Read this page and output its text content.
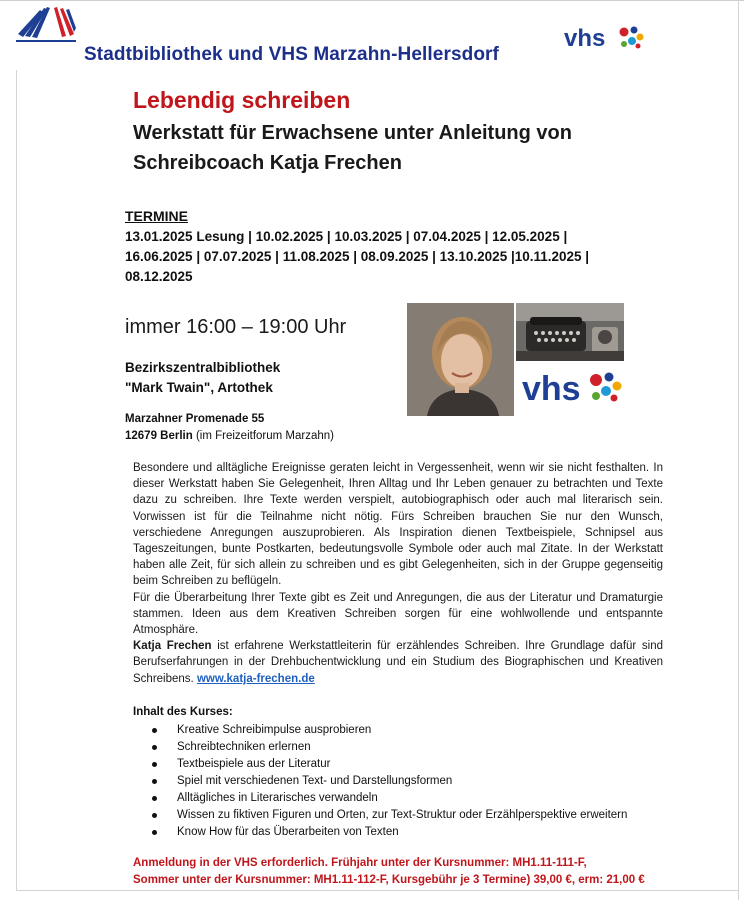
Stadtbibliothek und VHS Marzahn-Hellersdorf
vhs
Lebendig schreiben
Werkstatt für Erwachsene unter Anleitung von Schreibcoach Katja Frechen
TERMINE
13.01.2025 Lesung | 10.02.2025 | 10.03.2025 | 07.04.2025 | 12.05.2025 | 16.06.2025 | 07.07.2025 | 11.08.2025 | 08.09.2025 | 13.10.2025 |10.11.2025 | 08.12.2025
immer 16:00 – 19:00 Uhr
Bezirkszentralbibliothek
"Mark Twain", Artothek
Marzahner Promenade 55
12679 Berlin (im Freizeitforum Marzahn)
vhs

Besondere und alltägliche Ereignisse geraten leicht in Vergessenheit, wenn wir sie nicht festhalten. In dieser Werkstatt haben Sie Gelegenheit, Ihren Alltag und Ihr Leben genauer zu betrachten und Texte dazu zu schreiben. Ihre Texte werden verspielt, autobiographisch oder auch mal literarisch sein. Vorwissen ist für die Teilnahme nicht nötig. Fürs Schreiben brauchen Sie nur den Wunsch, verschiedene Anregungen auszuprobieren. Als Inspiration dienen Textbeispiele, Schnipsel aus Tageszeitungen, bunte Postkarten, bedeutungsvolle Symbole oder auch mal Zitate. In der Werkstatt haben alle Zeit, für sich allein zu schreiben und es gibt Gelegenheiten, sich in der Gruppe gegenseitig beim Schreiben zu beflügeln.

Für die Überarbeitung Ihrer Texte gibt es Zeit und Anregungen, die aus der Literatur und Dramaturgie stammen. Ideen aus dem Kreativen Schreiben sorgen für eine wohlwollende und entspannte Atmosphäre.

Katja Frechen ist erfahrene Werkstattleiterin für erzählendes Schreiben. Ihre Grundlage dafür sind Berufserfahrungen in der Drehbuchentwicklung und ein Studium des Biographischen und Kreativen Schreibens. www.katja-frechen.de

Inhalt des Kurses:
Kreative Schreibimpulse ausprobieren
Schreibtechniken erlernen
Textbeispiele aus der Literatur
Spiel mit verschiedenen Text- und Darstellungsformen
Alltägliches in Literarisches verwandeln
Wissen zu fiktiven Figuren und Orten, zur Text-Struktur oder Erzählperspektive erweitern
Know How für das Überarbeiten von Texten
Anmeldung in der VHS erforderlich. Frühjahr unter der Kursnummer: MH1.11-111-F,
Sommer unter der Kursnummer: MH1.11-112-F, Kursgebühr je 3 Termine) 39,00 €, erm: 21,00 €
